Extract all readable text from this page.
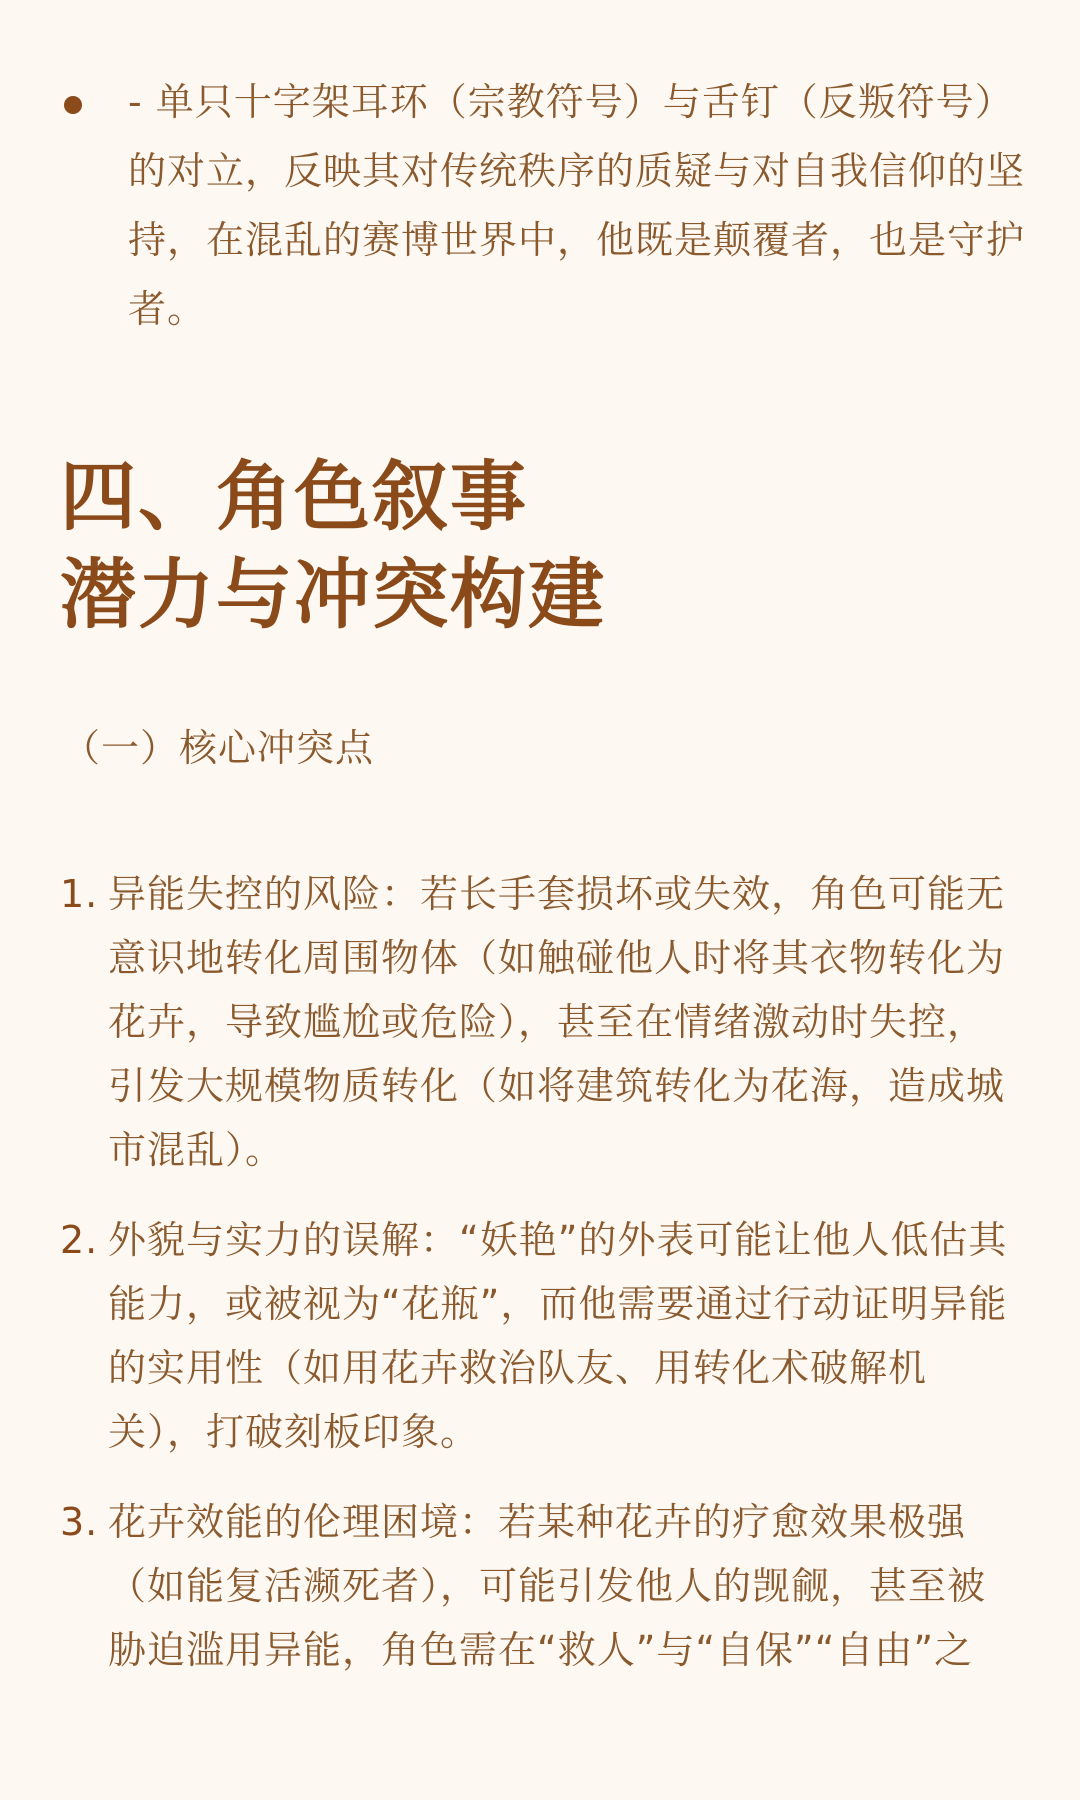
- 单只十字架耳环（宗教符号）与舌钉（反叛符号）的对立，反映其对传统秩序的质疑与对自我信仰的坚持，在混乱的赛博世界中，他既是颠覆者，也是守护者。
四、角色叙事
潜力与冲突构建
（一）核心冲突点
1. 异能失控的风险：若长手套损坏或失效，角色可能无意识地转化周围物体（如触碰他人时将其衣物转化为花卉，导致尴尬或危险），甚至在情绪激动时失控，引发大规模物质转化（如将建筑转化为花海，造成城市混乱）。
2. 外貌与实力的误解：“妖艳”的外表可能让他人低估其能力，或被视为“花瓶”，而他需要通过行动证明异能的实用性（如用花卉救治队友、用转化术破解机关），打破刻板印象。
3. 花卉效能的伦理困境：若某种花卉的疗愈效果极强（如能复活濒死者），可能引发他人的觊觎，甚至被胁迫滥用异能，角色需在“救人”与“自保”“自由”之
